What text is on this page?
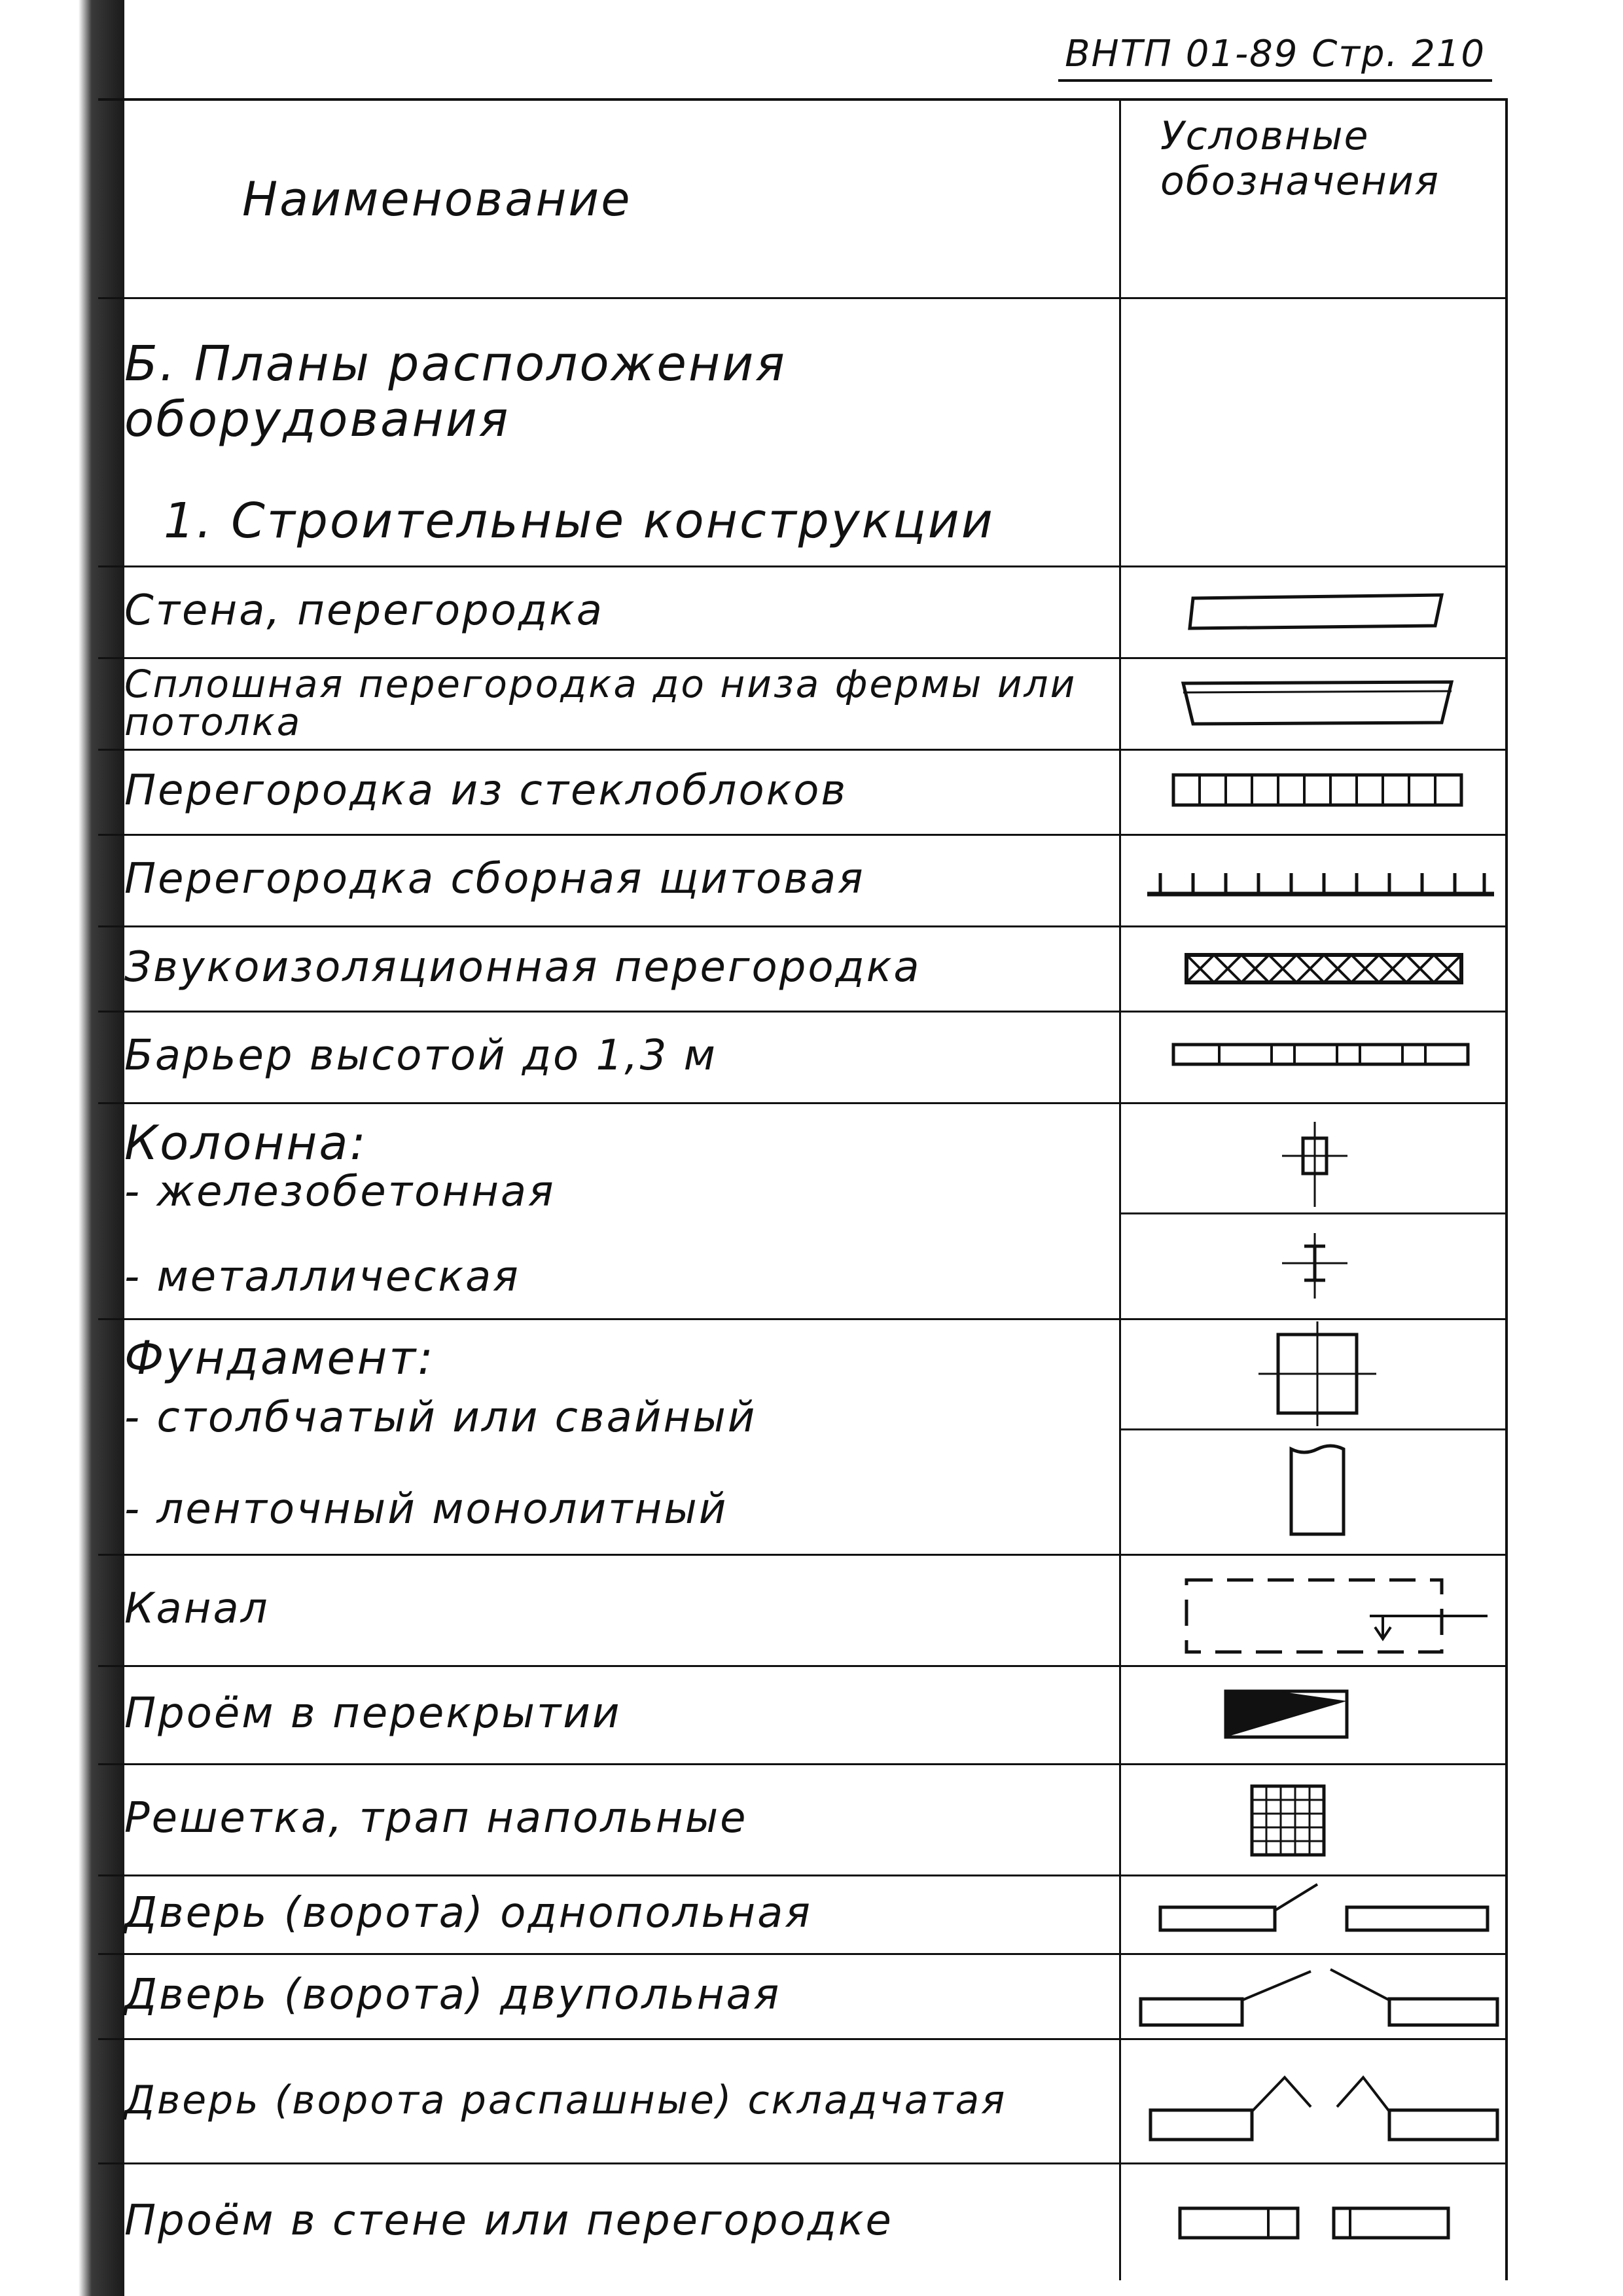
ВНТП 01-89 Стр. 210
Наименование
Условные обозначения
Б. Планы расположения оборудования
1. Строительные конструкции
Стена, перегородка
Сплошная перегородка до низа фермы или потолка
Перегородка из стеклоблоков
Перегородка сборная щитовая
Звукоизоляционная перегородка
Барьер высотой до 1,3 м
Колонна:
- железобетонная
- металлическая
Фундамент:
- столбчатый или свайный
- ленточный монолитный
Канал
Проём в перекрытии
Решетка, трап напольные
Дверь (ворота) однопольная
Дверь (ворота) двупольная
Дверь (ворота распашные) складчатая
Проём в стене или перегородке
